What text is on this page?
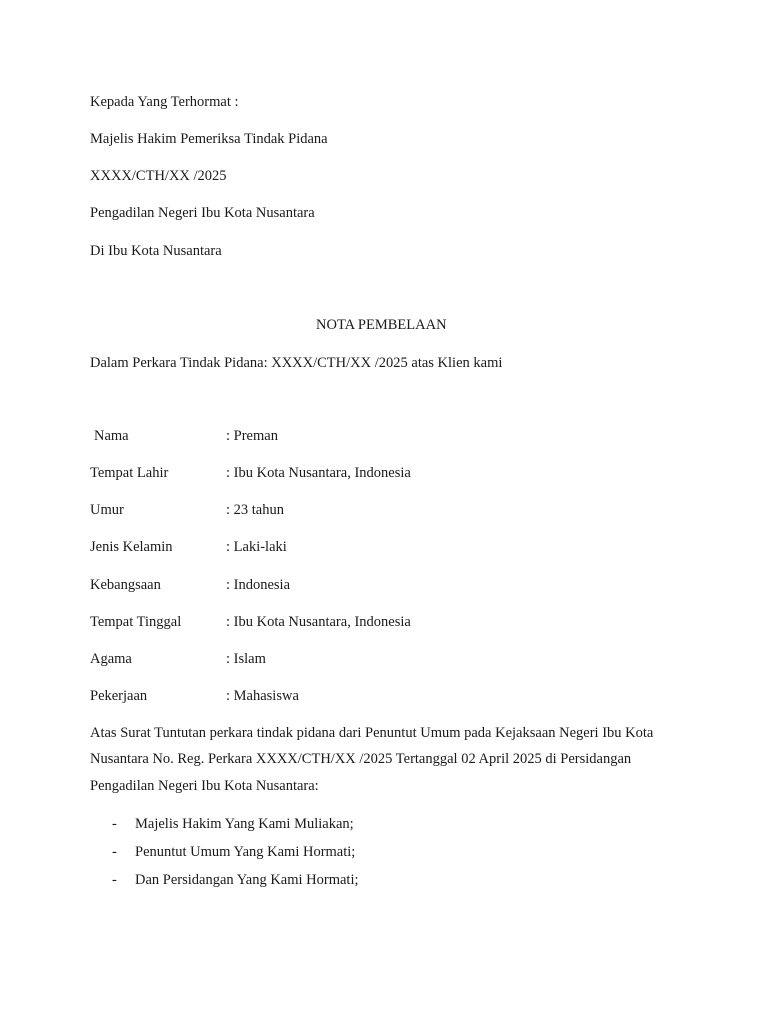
Kepada Yang Terhormat :
Majelis Hakim Pemeriksa Tindak Pidana
XXXX/CTH/XX /2025
Pengadilan Negeri Ibu Kota Nusantara
Di Ibu Kota Nusantara
NOTA PEMBELAAN
Dalam Perkara Tindak Pidana: XXXX/CTH/XX /2025 atas Klien kami
Nama	: Preman
Tempat Lahir	: Ibu Kota Nusantara, Indonesia
Umur	: 23 tahun
Jenis Kelamin	: Laki-laki
Kebangsaan	: Indonesia
Tempat Tinggal	: Ibu Kota Nusantara, Indonesia
Agama	: Islam
Pekerjaan	: Mahasiswa
Atas Surat Tuntutan perkara tindak pidana dari Penuntut Umum pada Kejaksaan Negeri Ibu Kota
Nusantara No. Reg. Perkara XXXX/CTH/XX /2025 Tertanggal 02 April 2025 di Persidangan
Pengadilan Negeri Ibu Kota Nusantara:
- Majelis Hakim Yang Kami Muliakan;
- Penuntut Umum Yang Kami Hormati;
- Dan Persidangan Yang Kami Hormati;
